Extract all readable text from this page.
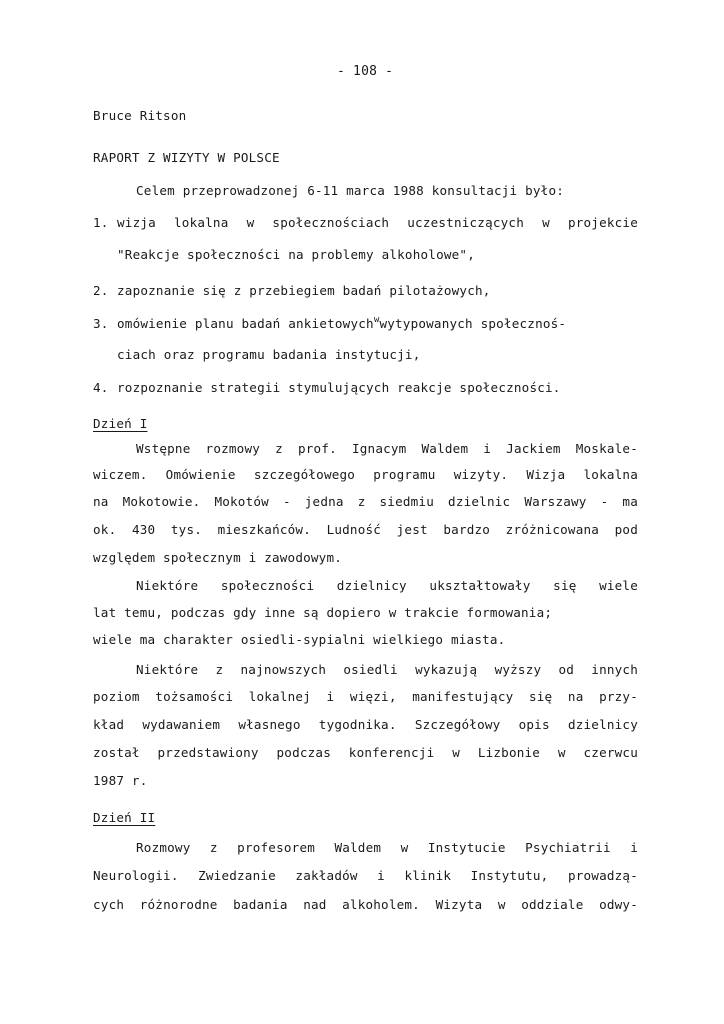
- 108 -
Bruce Ritson
RAPORT Z WIZYTY W POLSCE
Celem przeprowadzonej 6-11 marca 1988 konsultacji było:
1. wizja lokalna w społecznościach uczestniczących w projekcie
"Reakcje społeczności na problemy alkoholowe",
2. zapoznanie się z przebiegiem badań pilotażowych,
3. omówienie planu badań ankietowych$^w$wytypowanych społecznoś-
ciach oraz programu badania instytucji,
4. rozpoznanie strategii stymulujących reakcje społeczności.
Dzień I
Wstępne rozmowy z prof. Ignacym Waldem i Jackiem Moskale-
wiczem. Omówienie szczegółowego programu wizyty. Wizja lokalna
na Mokotowie. Mokotów - jedna z siedmiu dzielnic Warszawy - ma
ok. 430 tys. mieszkańców. Ludność jest bardzo zróżnicowana pod
względem społecznym i zawodowym.
Niektóre społeczności dzielnicy ukształtowały się wiele
lat temu, podczas gdy inne są dopiero w trakcie formowania;
wiele ma charakter osiedli-sypialni wielkiego miasta.
Niektóre z najnowszych osiedli wykazują wyższy od innych
poziom tożsamości lokalnej i więzi, manifestujący się na przy-
kład wydawaniem własnego tygodnika. Szczegółowy opis dzielnicy
został przedstawiony podczas konferencji w Lizbonie w czerwcu
1987 r.
Dzień II
Rozmowy z profesorem Waldem w Instytucie Psychiatrii i
Neurologii. Zwiedzanie zakładów i klinik Instytutu, prowadzą-
cych różnorodne badania nad alkoholem. Wizyta w oddziale odwy-
